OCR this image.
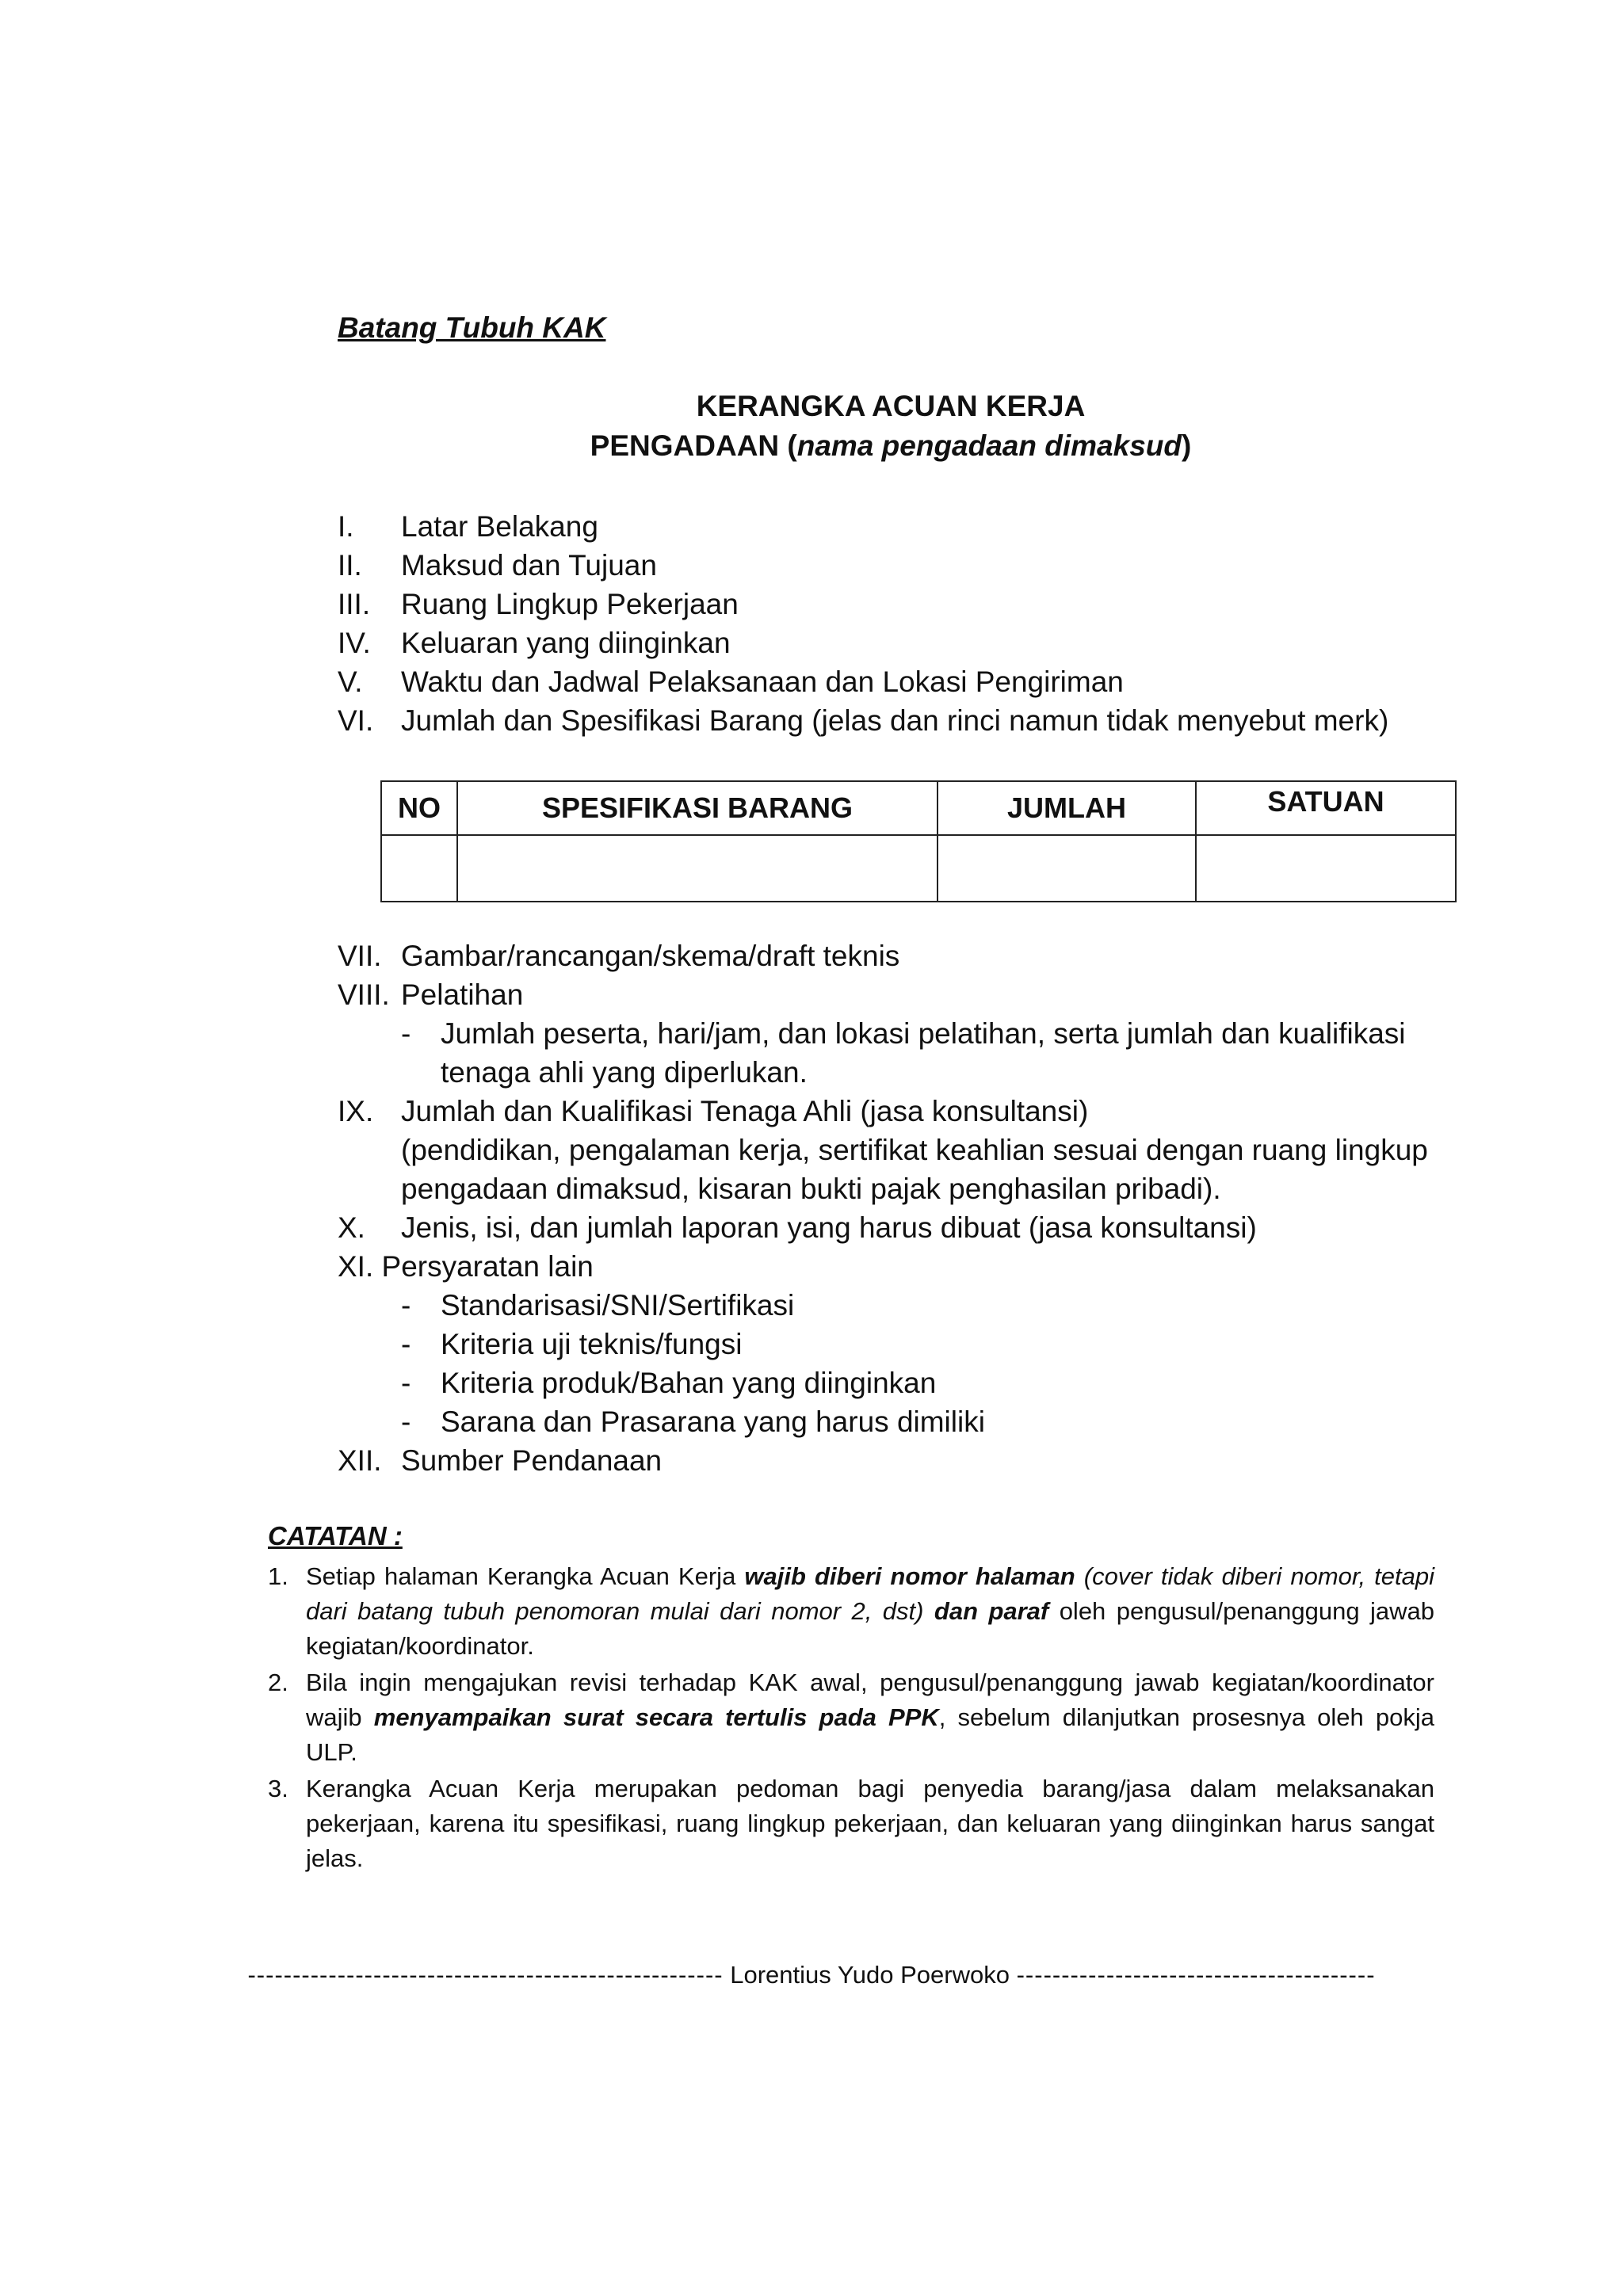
Batang Tubuh KAK
KERANGKA ACUAN KERJA
PENGADAAN (nama pengadaan dimaksud)
I. Latar Belakang
II. Maksud dan Tujuan
III. Ruang Lingkup Pekerjaan
IV. Keluaran yang diinginkan
V. Waktu dan Jadwal Pelaksanaan dan Lokasi Pengiriman
VI. Jumlah dan Spesifikasi Barang (jelas dan rinci namun tidak menyebut merk)
NO	SPESIFIKASI BARANG	JUMLAH	SATUAN

VII. Gambar/rancangan/skema/draft teknis
VIII. Pelatihan
- Jumlah peserta, hari/jam, dan lokasi pelatihan, serta jumlah dan kualifikasi
tenaga ahli yang diperlukan.
IX. Jumlah dan Kualifikasi Tenaga Ahli (jasa konsultansi)
(pendidikan, pengalaman kerja, sertifikat keahlian sesuai dengan ruang lingkup
pengadaan dimaksud, kisaran bukti pajak penghasilan pribadi).
X. Jenis, isi, dan jumlah laporan yang harus dibuat (jasa konsultansi)
XI. Persyaratan lain
- Standarisasi/SNI/Sertifikasi
- Kriteria uji teknis/fungsi
- Kriteria produk/Bahan yang diinginkan
- Sarana dan Prasarana yang harus dimiliki
XII. Sumber Pendanaan
CATATAN :
1. Setiap halaman Kerangka Acuan Kerja wajib diberi nomor halaman (cover tidak diberi nomor, tetapi dari batang tubuh penomoran mulai dari nomor 2, dst) dan paraf oleh pengusul/penanggung jawab kegiatan/koordinator.
2. Bila ingin mengajukan revisi terhadap KAK awal, pengusul/penanggung jawab kegiatan/koordinator wajib menyampaikan surat secara tertulis pada PPK, sebelum dilanjutkan prosesnya oleh pokja ULP.
3. Kerangka Acuan Kerja merupakan pedoman bagi penyedia barang/jasa dalam melaksanakan pekerjaan, karena itu spesifikasi, ruang lingkup pekerjaan, dan keluaran yang diinginkan harus sangat jelas.
----------------------------------------------------- Lorentius Yudo Poerwoko ----------------------------------------
